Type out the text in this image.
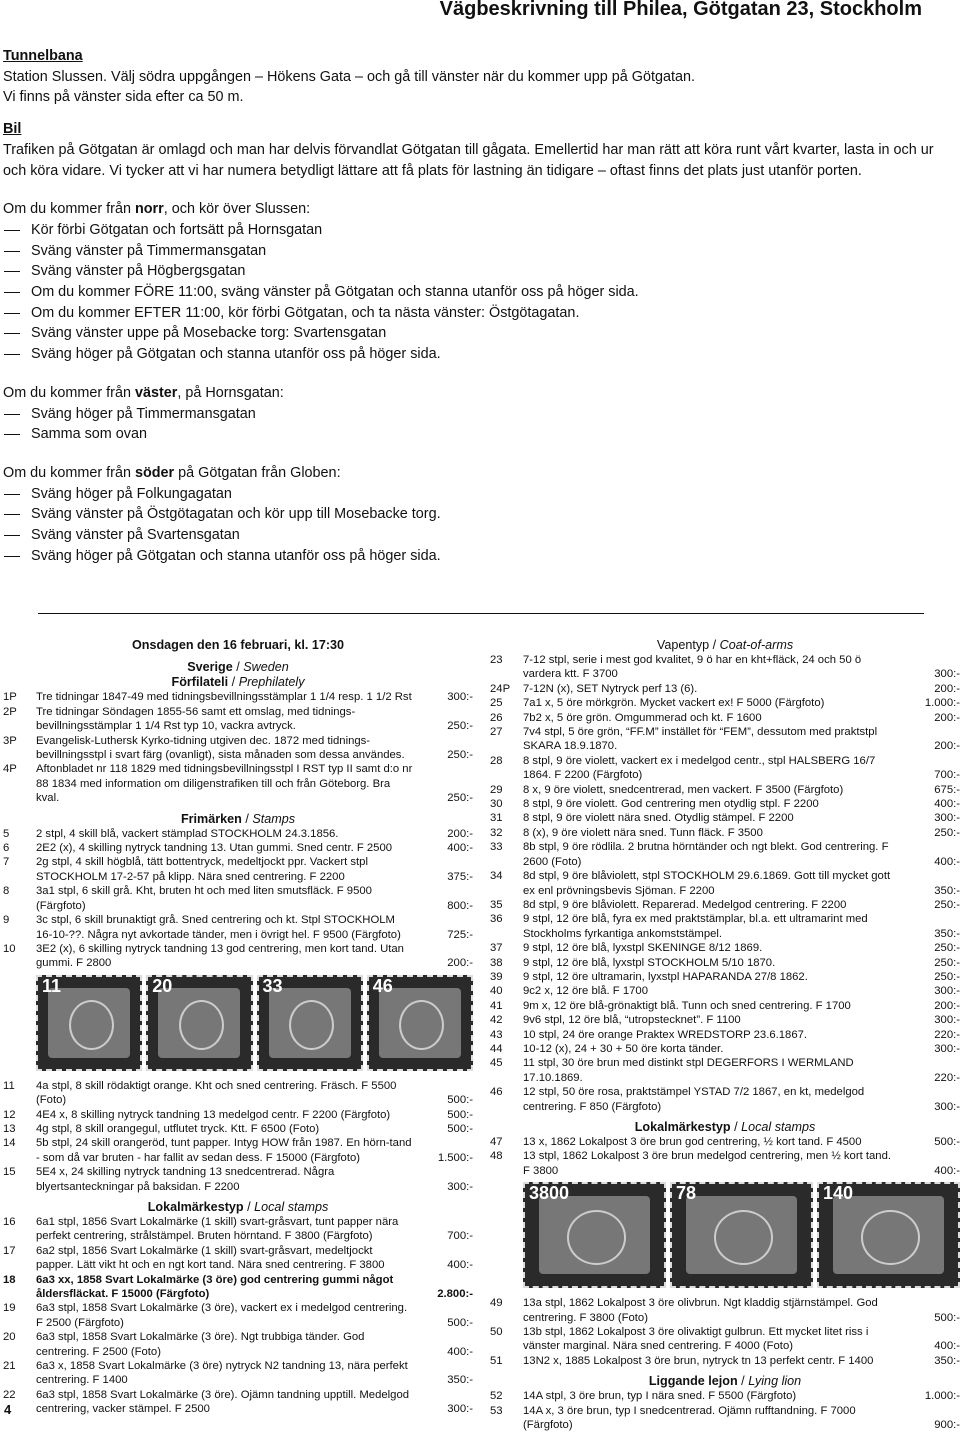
Vägbeskrivning till Philea, Götgatan 23, Stockholm

Tunnelbana

Station Slussen. Välj södra uppgången – Hökens Gata – och gå till vänster när du kommer upp på Götgatan.

Vi finns på vänster sida efter ca 50 m.

Bil

Trafiken på Götgatan är omlagd och man har delvis förvandlat Götgatan till gågata. Emellertid har man rätt att köra runt vårt kvarter, lasta in och ur och köra vidare. Vi tycker att vi har numera betydligt lättare att få plats för lastning än tidigare – oftast finns det plats just utanför porten.

Om du kommer från norr, och kör över Slussen:

Kör förbi Götgatan och fortsätt på Hornsgatan
Sväng vänster på Timmermansgatan
Sväng vänster på Högbergsgatan
Om du kommer FÖRE 11:00, sväng vänster på Götgatan och stanna utanför oss på höger sida.
Om du kommer EFTER 11:00, kör förbi Götgatan, och ta nästa vänster: Östgötagatan.
Sväng vänster uppe på Mosebacke torg: Svartensgatan
Sväng höger på Götgatan och stanna utanför oss på höger sida.

Om du kommer från väster, på Hornsgatan:

Sväng höger på Timmermansgatan
Samma som ovan

Om du kommer från söder på Götgatan från Globen:

Sväng höger på Folkungagatan
Sväng vänster på Östgötagatan och kör upp till Mosebacke torg.
Sväng vänster på Svartensgatan
Sväng höger på Götgatan och stanna utanför oss på höger sida.
Onsdagen den 16 februari, kl. 17:30
Sverige / Sweden
Förfilateli / Prephilately
1P	Tre tidningar 1847-49 med tidningsbevillningsstämplar 1 1/4 resp. 1 1/2 Rst	300:-
2P	Tre tidningar Söndagen 1855-56 samt ett omslag, med tidnings-bevillningsstämplar 1 1/4 Rst typ 10, vackra avtryck.	250:-
3P	Evangelisk-Luthersk Kyrko-tidning utgiven dec. 1872 med tidnings-bevillningsstpl i svart färg (ovanligt), sista månaden som dessa användes.	250:-
4P	Aftonbladet nr 118 1829 med tidningsbevillningsstpl I RST typ II samt d:o nr 88 1834 med information om diligenstrafiken till och från Göteborg. Bra kval.	250:-
Frimärken / Stamps
5	2 stpl, 4 skill blå, vackert stämplad STOCKHOLM 24.3.1856.	200:-
6	2E2 (x), 4 skilling nytryck tandning 13. Utan gummi. Sned centr. F 2500	400:-
7	2g stpl, 4 skill högblå, tätt bottentryck, medeltjockt ppr. Vackert stpl STOCKHOLM 17-2-57 på klipp. Nära sned centrering. F 2200	375:-
8	3a1 stpl, 6 skill grå. Kht, bruten ht och med liten smutsfläck. F 9500 (Färgfoto)	800:-
9	3c stpl, 6 skill brunaktigt grå. Sned centrering och kt. Stpl STOCKHOLM 16-10-??. Några nyt avkortade tänder, men i övrigt hel. F 9500 (Färgfoto)	725:-
10	3E2 (x), 6 skilling nytryck tandning 13 god centrering, men kort tand. Utan gummi. F 2800	200:-
11	20	33	46
11	4a stpl, 8 skill rödaktigt orange. Kht och sned centrering. Fräsch. F 5500 (Foto)	500:-
12	4E4 x, 8 skilling nytryck tandning 13 medelgod centr. F 2200 (Färgfoto)	500:-
13	4g stpl, 8 skill orangegul, utflutet tryck. Ktt. F 6500 (Foto)	500:-
14	5b stpl, 24 skill orangeröd, tunt papper. Intyg HOW från 1987. En hörn-tand - som då var bruten - har fallit av sedan dess. F 15000 (Färgfoto)	1.500:-
15	5E4 x, 24 skilling nytryck tandning 13 snedcentrerad. Några blyertsanteckningar på baksidan. F 2200	300:-
Lokalmärkestyp / Local stamps
16	6a1 stpl, 1856 Svart Lokalmärke (1 skill) svart-gråsvart, tunt papper nära perfekt centrering, strålstämpel. Bruten hörntand. F 3800 (Färgfoto)	700:-
17	6a2 stpl, 1856 Svart Lokalmärke (1 skill) svart-gråsvart, medeltjockt papper. Lätt vikt ht och en ngt kort tand. Nära sned centrering. F 3800	400:-
18	6a3 xx, 1858 Svart Lokalmärke (3 öre) god centrering gummi något åldersfläckat. F 15000 (Färgfoto)	2.800:-
19	6a3 stpl, 1858 Svart Lokalmärke (3 öre), vackert ex i medelgod centrering. F 2500 (Färgfoto)	500:-
20	6a3 stpl, 1858 Svart Lokalmärke (3 öre). Ngt trubbiga tänder. God centrering. F 2500 (Foto)	400:-
21	6a3 x, 1858 Svart Lokalmärke (3 öre) nytryck N2 tandning 13, nära perfekt centrering. F 1400	350:-
22	6a3 stpl, 1858 Svart Lokalmärke (3 öre). Ojämn tandning upptill. Medelgod centrering, vacker stämpel. F 2500	300:-
Vapentyp / Coat-of-arms
23	7-12 stpl, serie i mest god kvalitet, 9 ö har en kht+fläck, 24 och 50 ö vardera ktt. F 3700	300:-
24P	7-12N (x), SET Nytryck perf 13 (6).	200:-
25	7a1 x, 5 öre mörkgrön. Mycket vackert ex! F 5000 (Färgfoto)	1.000:-
26	7b2 x, 5 öre grön. Omgummerad och kt. F 1600	200:-
27	7v4 stpl, 5 öre grön, “FF.M” instället för “FEM”, dessutom med praktstpl SKARA 18.9.1870.	200:-
28	8 stpl, 9 öre violett, vackert ex i medelgod centr., stpl HALSBERG 16/7 1864. F 2200 (Färgfoto)	700:-
29	8 x, 9 öre violett, snedcentrerad, men vackert. F 3500 (Färgfoto)	675:-
30	8 stpl, 9 öre violett. God centrering men otydlig stpl. F 2200	400:-
31	8 stpl, 9 öre violett nära sned. Otydlig stämpel. F 2200	300:-
32	8 (x), 9 öre violett nära sned. Tunn fläck. F 3500	250:-
33	8b stpl, 9 öre rödlila. 2 brutna hörntänder och ngt blekt. God centrering. F 2600 (Foto)	400:-
34	8d stpl, 9 öre blåviolett, stpl STOCKHOLM 29.6.1869. Gott till mycket gott ex enl prövningsbevis Sjöman. F 2200	350:-
35	8d stpl, 9 öre blåviolett. Reparerad. Medelgod centrering. F 2200	250:-
36	9 stpl, 12 öre blå, fyra ex med praktstämplar, bl.a. ett ultramarint med Stockholms fyrkantiga ankomststämpel.	350:-
37	9 stpl, 12 öre blå, lyxstpl SKENINGE 8/12 1869.	250:-
38	9 stpl, 12 öre blå, lyxstpl STOCKHOLM 5/10 1870.	250:-
39	9 stpl, 12 öre ultramarin, lyxstpl HAPARANDA 27/8 1862.	250:-
40	9c2 x, 12 öre blå. F 1700	300:-
41	9m x, 12 öre blå-grönaktigt blå. Tunn och sned centrering. F 1700	200:-
42	9v6 stpl, 12 öre blå, “utropstecknet”. F 1100	300:-
43	10 stpl, 24 öre orange Praktex WREDSTORP 23.6.1867.	220:-
44	10-12 (x), 24 + 30 + 50 öre korta tänder.	300:-
45	11 stpl, 30 öre brun med distinkt stpl DEGERFORS I WERMLAND 17.10.1869.	220:-
46	12 stpl, 50 öre rosa, praktstämpel YSTAD 7/2 1867, en kt, medelgod centrering. F 850 (Färgfoto)	300:-
Lokalmärkestyp / Local stamps
47	13 x, 1862 Lokalpost 3 öre brun god centrering, ½ kort tand. F 4500	500:-
48	13 stpl, 1862 Lokalpost 3 öre brun medelgod centrering, men ½ kort tand. F 3800	400:-
3800	78	140
49	13a stpl, 1862 Lokalpost 3 öre olivbrun. Ngt kladdig stjärnstämpel. God centrering. F 3800 (Foto)	500:-
50	13b stpl, 1862 Lokalpost 3 öre olivaktigt gulbrun. Ett mycket litet riss i vänster marginal. Nära sned centrering. F 4000 (Foto)	400:-
51	13N2 x, 1885 Lokalpost 3 öre brun, nytryck tn 13 perfekt centr. F 1400	350:-
Liggande lejon / Lying lion
52	14A stpl, 3 öre brun, typ I nära sned. F 5500 (Färgfoto)	1.000:-
53	14A x, 3 öre brun, typ I snedcentrerad. Ojämn rufftandning. F 7000 (Färgfoto)	900:-
4
